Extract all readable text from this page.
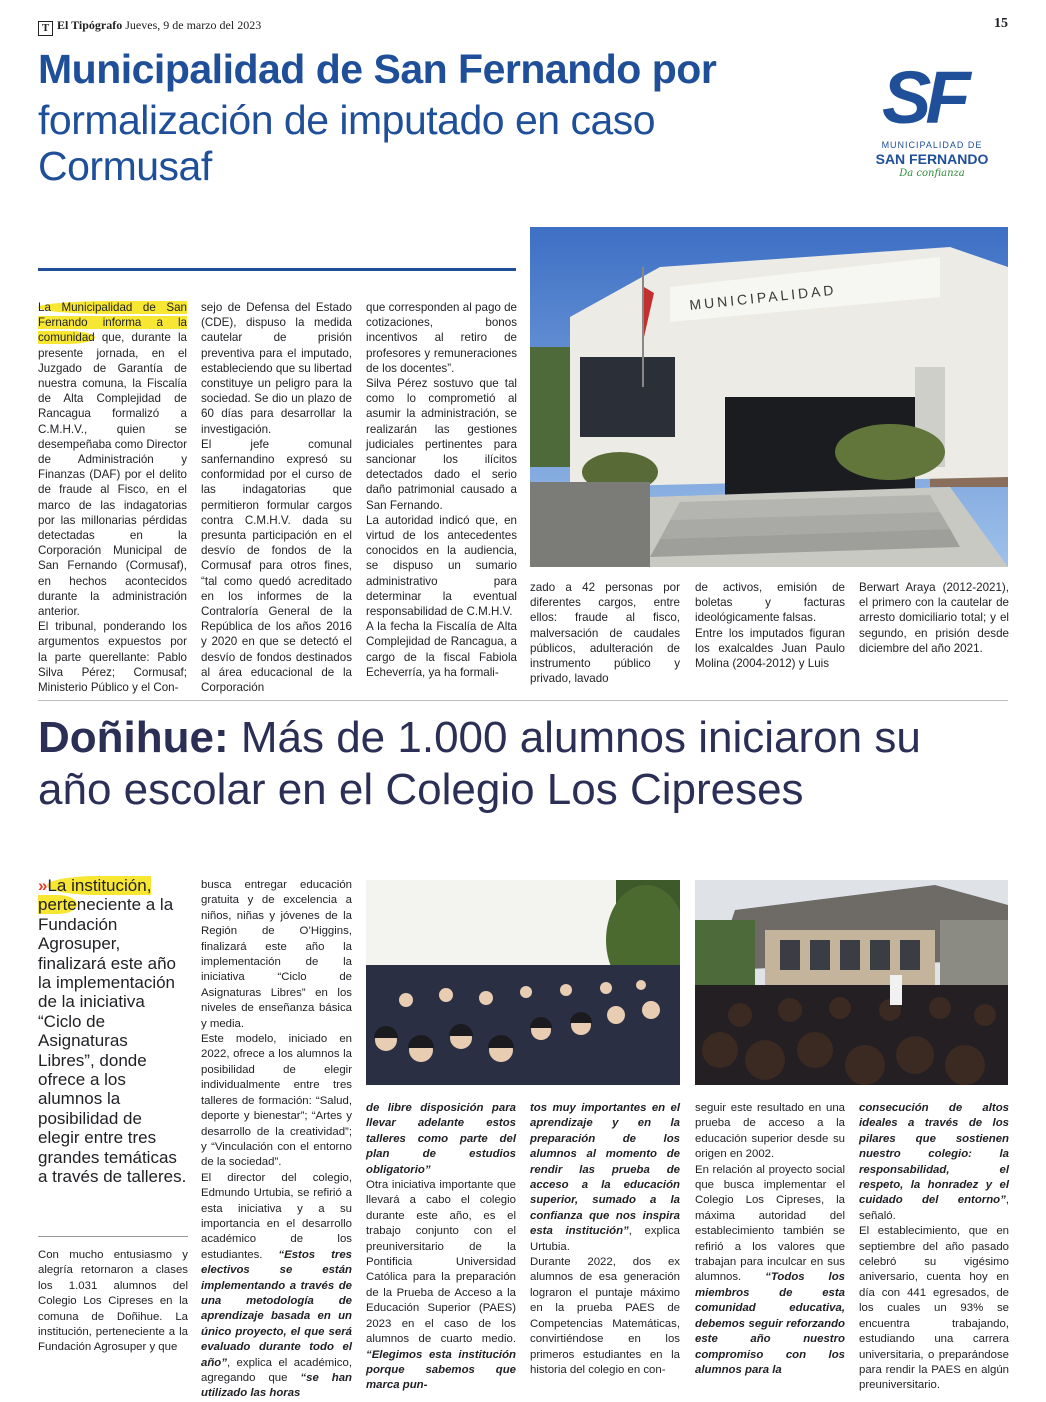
T El Tipógrafo Jueves, 9 de marzo del 2023	15
Municipalidad de San Fernando por
formalización de imputado en caso Cormusaf
SF
MUNICIPALIDAD DE
SAN FERNANDO
Da confianza
MUNICIPALIDAD
La Municipalidad de San Fernando informa a la comunidad que, durante la presente jornada, en el Juzgado de Garantía de nuestra comuna, la Fiscalía de Alta Complejidad de Rancagua formalizó a C.M.H.V., quien se desempeñaba como Director de Administración y Finanzas (DAF) por el delito de fraude al Fisco, en el marco de las indagatorias por las millonarias pérdidas detectadas en la Corporación Municipal de San Fernando (Cormusaf), en hechos acontecidos durante la administración anterior.
El tribunal, ponderando los argumentos expuestos por la parte querellante: Pablo Silva Pérez; Cormusaf; Ministerio Público y el Con-
sejo de Defensa del Estado (CDE), dispuso la medida cautelar de prisión preventiva para el imputado, estableciendo que su libertad constituye un peligro para la sociedad. Se dio un plazo de 60 días para desarrollar la investigación.
El jefe comunal sanfernandino expresó su conformidad por el curso de las indagatorias que permitieron formular cargos contra C.M.H.V. dada su presunta participación en el desvío de fondos de la Cormusaf para otros fines, “tal como quedó acreditado en los informes de la Contraloría General de la República de los años 2016 y 2020 en que se detectó el desvío de fondos destinados al área educacional de la Corporación
que corresponden al pago de cotizaciones, bonos incentivos al retiro de profesores y remuneraciones de los docentes”.
Silva Pérez sostuvo que tal como lo comprometió al asumir la administración, se realizarán las gestiones judiciales pertinentes para sancionar los ilícitos detectados dado el serio daño patrimonial causado a San Fernando.
La autoridad indicó que, en virtud de los antecedentes conocidos en la audiencia, se dispuso un sumario administrativo para determinar la eventual responsabilidad de C.M.H.V.
A la fecha la Fiscalía de Alta Complejidad de Rancagua, a cargo de la fiscal Fabiola Echeverría, ya ha formali-
zado a 42 personas por diferentes cargos, entre ellos: fraude al fisco, malversación de caudales públicos, adulteración de instrumento público y privado, lavado
de activos, emisión de boletas y facturas ideológicamente falsas.
Entre los imputados figuran los exalcaldes Juan Paulo Molina (2004-2012) y Luis
Berwart Araya (2012-2021), el primero con la cautelar de arresto domiciliario total; y el segundo, en prisión desde diciembre del año 2021.
Doñihue: Más de 1.000 alumnos iniciaron su año escolar en el Colegio Los Cipreses
»La institución, perteneciente a la Fundación Agrosuper, finalizará este año la implementación de la iniciativa “Ciclo de Asignaturas Libres”, donde ofrece a los alumnos la posibilidad de elegir entre tres grandes temáticas a través de talleres.
Con mucho entusiasmo y alegría retornaron a clases los 1.031 alumnos del Colegio Los Cipreses en la comuna de Doñihue. La institución, perteneciente a la Fundación Agrosuper y que
busca entregar educación gratuita y de excelencia a niños, niñas y jóvenes de la Región de O’Higgins, finalizará este año la implementación de la iniciativa “Ciclo de Asignaturas Libres” en los niveles de enseñanza básica y media.
Este modelo, iniciado en 2022, ofrece a los alumnos la posibilidad de elegir individualmente entre tres talleres de formación: “Salud, deporte y bienestar”; “Artes y desarrollo de la creatividad”; y “Vinculación con el entorno de la sociedad”.
El director del colegio, Edmundo Urtubia, se refirió a esta iniciativa y a su importancia en el desarrollo académico de los estudiantes. “Estos tres electivos se están implementando a través de una metodología de aprendizaje basada en un único proyecto, el que será evaluado durante todo el año”, explica el académico, agregando que “se han utilizado las horas
de libre disposición para llevar adelante estos talleres como parte del plan de estudios obligatorio”
Otra iniciativa importante que llevará a cabo el colegio durante este año, es el trabajo conjunto con el preuniversitario de la Pontificia Universidad Católica para la preparación de la Prueba de Acceso a la Educación Superior (PAES) 2023 en el caso de los alumnos de cuarto medio. “Elegimos esta institución porque sabemos que marca pun-
tos muy importantes en el aprendizaje y en la preparación de los alumnos al momento de rendir las prueba de acceso a la educación superior, sumado a la confianza que nos inspira esta institución”, explica Urtubia.
Durante 2022, dos ex alumnos de esa generación lograron el puntaje máximo en la prueba PAES de Competencias Matemáticas, convirtiéndose en los primeros estudiantes en la historia del colegio en con-
seguir este resultado en una prueba de acceso a la educación superior desde su origen en 2002.
En relación al proyecto social que busca implementar el Colegio Los Cipreses, la máxima autoridad del establecimiento también se refirió a los valores que trabajan para inculcar en sus alumnos. “Todos los miembros de esta comunidad educativa, debemos seguir reforzando este año nuestro compromiso con los alumnos para la
consecución de altos ideales a través de los pilares que sostienen nuestro colegio: la responsabilidad, el respeto, la honradez y el cuidado del entorno”, señaló.
El establecimiento, que en septiembre del año pasado celebró su vigésimo aniversario, cuenta hoy en día con 441 egresados, de los cuales un 93% se encuentra trabajando, estudiando una carrera universitaria, o preparándose para rendir la PAES en algún preuniversitario.
